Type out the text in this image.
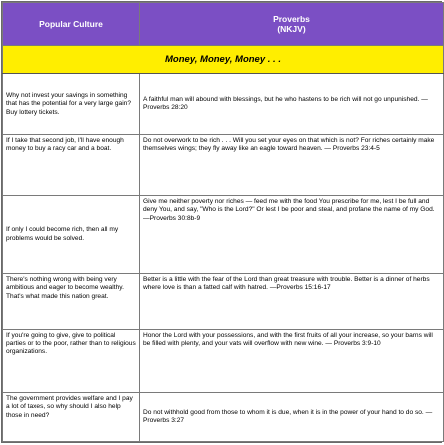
Popular Culture	Proverbs
(NKJV)
Money, Money, Money . . .	

Why not invest your savings in something that has the potential for a very large gain? Buy lottery tickets.	A faithful man will abound with blessings, but he who hastens to be rich will not go unpunished. —Proverbs 28:20

If I take that second job, I'll have enough money to buy a racy car and a boat.	Do not overwork to be rich . . . Will you set your eyes on that which is not? For riches certainly make themselves wings; they fly away like an eagle toward heaven. — Proverbs 23:4-5

If only I could become rich, then all my problems would be solved.	Give me neither poverty nor riches — feed me with the food You prescribe for me, lest I be full and deny You, and say, "Who is the Lord?" Or lest I be poor and steal, and profane the name of my God. —Proverbs 30:8b-9

There's nothing wrong with being very ambitious and eager to become wealthy. That's what made this nation great.	Better is a little with the fear of the Lord than great treasure with trouble. Better is a dinner of herbs where love is than a fatted calf with hatred. —Proverbs 15:16-17

If you're going to give, give to political parties or to the poor, rather than to religious organizations.	Honor the Lord with your possessions, and with the first fruits of all your increase, so your barns will be filled with plenty, and your vats will overflow with new wine. — Proverbs 3:9-10

The government provides welfare and I pay a lot of taxes, so why should I also help those in need?	Do not withhold good from those to whom it is due, when it is in the power of your hand to do so. —Proverbs 3:27
